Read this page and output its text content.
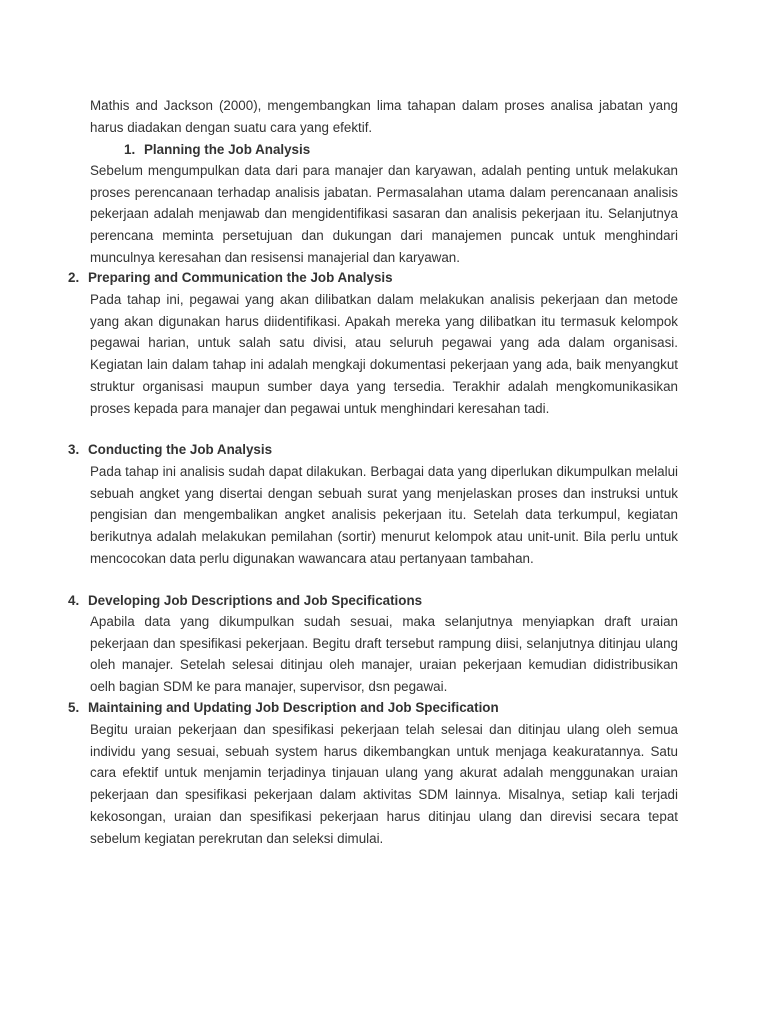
Mathis and Jackson (2000), mengembangkan lima tahapan dalam proses analisa jabatan yang harus diadakan dengan suatu cara yang efektif.

1. Planning the Job Analysis

Sebelum mengumpulkan data dari para manajer dan karyawan, adalah penting untuk melakukan proses perencanaan terhadap analisis jabatan. Permasalahan utama dalam perencanaan analisis pekerjaan adalah menjawab dan mengidentifikasi sasaran dan analisis pekerjaan itu. Selanjutnya perencana meminta persetujuan dan dukungan dari manajemen puncak untuk menghindari munculnya keresahan dan resisensi manajerial dan karyawan.

2. Preparing and Communication the Job Analysis

Pada tahap ini, pegawai yang akan dilibatkan dalam melakukan analisis pekerjaan dan metode yang akan digunakan harus diidentifikasi. Apakah mereka yang dilibatkan itu termasuk kelompok pegawai harian, untuk salah satu divisi, atau seluruh pegawai yang ada dalam organisasi. Kegiatan lain dalam tahap ini adalah mengkaji dokumentasi pekerjaan yang ada, baik menyangkut struktur organisasi maupun sumber daya yang tersedia. Terakhir adalah mengkomunikasikan proses kepada para manajer dan pegawai untuk menghindari keresahan tadi.

3. Conducting the Job Analysis

Pada tahap ini analisis sudah dapat dilakukan. Berbagai data yang diperlukan dikumpulkan melalui sebuah angket yang disertai dengan sebuah surat yang menjelaskan proses dan instruksi untuk pengisian dan mengembalikan angket analisis pekerjaan itu. Setelah data terkumpul, kegiatan berikutnya adalah melakukan pemilahan (sortir) menurut kelompok atau unit-unit. Bila perlu untuk mencocokan data perlu digunakan wawancara atau pertanyaan tambahan.

4. Developing Job Descriptions and Job Specifications

Apabila data yang dikumpulkan sudah sesuai, maka selanjutnya menyiapkan draft uraian pekerjaan dan spesifikasi pekerjaan. Begitu draft tersebut rampung diisi, selanjutnya ditinjau ulang oleh manajer. Setelah selesai ditinjau oleh manajer, uraian pekerjaan kemudian didistribusikan oelh bagian SDM ke para manajer, supervisor, dsn pegawai.

5. Maintaining and Updating Job Description and Job Specification

Begitu uraian pekerjaan dan spesifikasi pekerjaan telah selesai dan ditinjau ulang oleh semua individu yang sesuai, sebuah system harus dikembangkan untuk menjaga keakuratannya. Satu cara efektif untuk menjamin terjadinya tinjauan ulang yang akurat adalah menggunakan uraian pekerjaan dan spesifikasi pekerjaan dalam aktivitas SDM lainnya. Misalnya, setiap kali terjadi kekosongan, uraian dan spesifikasi pekerjaan harus ditinjau ulang dan direvisi secara tepat sebelum kegiatan perekrutan dan seleksi dimulai.
